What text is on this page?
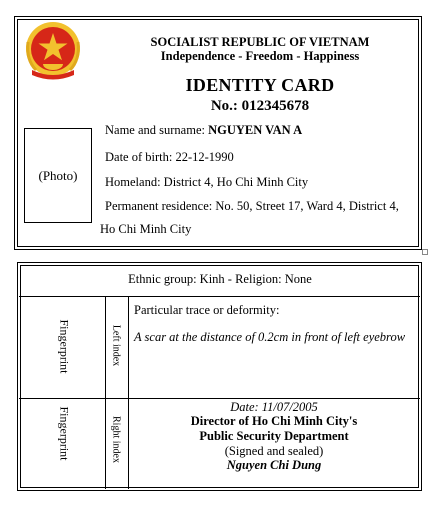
SOCIALIST REPUBLIC OF VIETNAM
Independence - Freedom - Happiness
IDENTITY CARD
No.: 012345678
(Photo)
Name and surname: NGUYEN VAN A
Date of birth: 22-12-1990
Homeland: District 4, Ho Chi Minh City
Permanent residence: No. 50, Street 17, Ward 4, District 4,
Ho Chi Minh City
Ethnic group: Kinh - Religion: None
Fingerprint	Left index
Fingerprint	Right index
Particular trace or deformity:
A scar at the distance of 0.2cm in front of left eyebrow
Date: 11/07/2005
Director of Ho Chi Minh City's
Public Security Department
(Signed and sealed)
Nguyen Chi Dung
